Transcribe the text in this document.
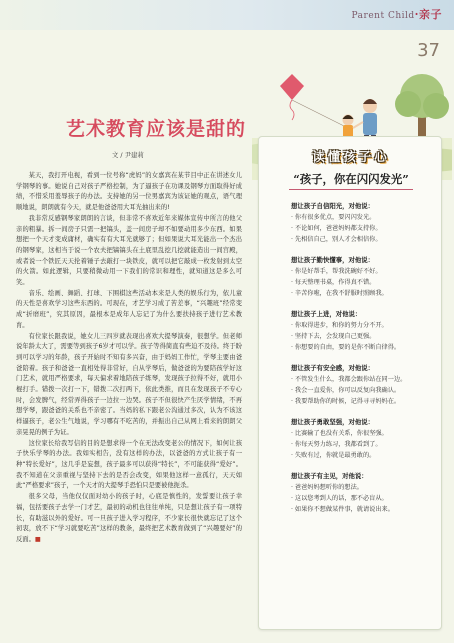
Parent Child·亲子
37
艺术教育应该是甜的
文 / 尹建莉

某天，我打开电视，看到一位号称“虎妈”的女嘉宾在某节目中正在讲述女儿学钢琴的事。她说自己对孩子严格控制，为了逼孩子在功课及钢琴方面取得好成绩，不惜采用羞辱孩子的办法。支持她的另一位男嘉宾为该证她的观点，语气理顺地说，朗朗就有今天，就是他爸爸用大耳光抽出来的!

我非常反感钢琴家朗朗的言谈，但非常不喜欢近年来媒体宣传中所言的他父亲的粗暴。拆一间房子只需一把镐头，盖一间房子却不如要动用多少东西。如果想把一个天才变成庸材，确实有有大耳光就够了；但如果说大耳光能出一个杰出的钢琴家，这相当于说一个农夫把镐镐头在土底里乱挖几挖就能造出一间宫殿，或者说一个铁匠天天抡着锤子去敲打一块铁皮，就可以把它敲成一枚发射到太空的火箭。如此逻辑，只要稍微动用一下我们的常识和理性，就知道这是多么可笑。

音乐、绘画、舞蹈、打球、下围棋这些活动本来是人类的娱乐行为，依儿童的天性是喜欢学习这些东西的。可现在，才艺学习成了苦差事，“兴趣班”经常变成“折磨班”，究其原因，最根本是成年人忘记了为什么要扶持孩子进行艺术教育。

有位家长跟我说，她女儿三四岁就表现出喜欢大提琴演奏，很想学。但老师说年龄太大了，需要等到孩子6岁才可以学。孩子等得简直有些迫不及待。终于盼到可以学习的年龄，孩子开始时不知有多兴奋，由于妈妈工作忙，学琴主要由爸爸陪着。孩子和爸爸一直相处得非常好，自从学琴后，做爸爸的为要陪孩学好这门艺术，就用严格要求，每天偏求着地陪孩子练琴，发现孩子拉得不好，就用小棍打手。错拨一次打一下，错拨二次打两下，依此类推，而且在发现孩子不专心时，会发脾气，经常弄得孩子一边拉一边哭。孩子不但很快产生厌学情绪，不再想学琴，跟爸爸的关系也不亲密了。当妈的私下跟老公沟通过多次，认为不该这样逼孩子，老公生气地说，学习哪有不吃苦的，并振出自己从网上看来的朗朗父亲晃晃的例子为证。

这位家长给我写信的目的是想求得一个在无法改变老公的情况下，如何让孩子快乐学琴的办法。我如实相告，没有这样的办法，以爸爸的方式让孩子有一种“特长爱好”，这几乎是妄想，孩子最多可以获得“特长”，不可能获得“爱好”。我不知道在父亲重视与坚持下去的是否会改变，如果他这样一意孤行，天天如此“严格要求”孩子，一个天才的大提琴手恐怕只是要被他扼杀。

很多父母，当他仅仅面对幼小的孩子时，心底是慎性的，发誓要让孩子幸福，包括要孩子去学一门才艺，最初的动机也往往单纯，只是想让孩子有一项特长，有助滋以外的爱好。可一旦孩子进入学习程序，不少家长很快就忘记了这个初衷，放不下“学习就要吃苦”这样的教条，最终把艺术教育做到了“兴趣要好”的反面。■

读懂孩子心
“孩子，你在闪闪发光”
想让孩子自信阳光，对他说：
· 你有很多优点，要闪闪发光。
· 不论如何，爸爸妈妈都支持你。
· 先相信自己，别人才会相信你。
想让孩子勤快懂事，对他说：
· 你是好帮手，帮我洗碗好不好。
· 每天整理书桌，作得真不错。
· 辛苦你啦，在我不舒服时照顾我。
想让孩子上进，对他说：
· 你取得进步，和你的努力分不开。
· 坚持下去，会发现自己更强。
· 你想要的自由，要的是你不断自律得。
想让孩子有安全感，对他说：
· 不管发生什么，我都会跟你站在同一边。
· 我会一直爱你，你可以反复向我确认。
· 我要帮助你的时候，记得寻寻妈妈在。
想让孩子勇敢坚强，对他说：
· 比赛输了也没有关系，你很坚强。
· 你每天努力练习，我都看到了。
· 失败有过，你就是最勇敢的。
想让孩子有主见，对他说：
· 爸爸妈妈想听你的想法。
· 这以您考到人的话，那不必盲从。
· 如果你不想做某件事，就请说出来。
